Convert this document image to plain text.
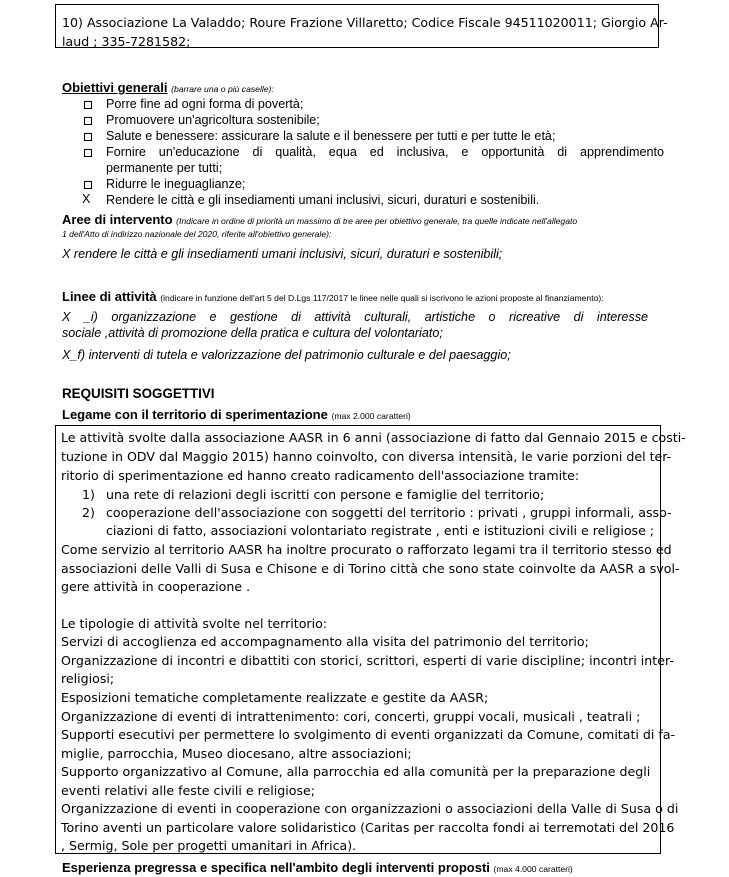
10) Associazione La Valaddo; Roure Frazione Villaretto; Codice Fiscale 94511020011; Giorgio Ar-
laud ; 335-7281582;
Obiettivi generali (barrare una o più caselle):
Porre fine ad ogni forma di povertà;
Promuovere un'agricoltura sostenibile;
Salute e benessere: assicurare la salute e il benessere per tutti e per tutte le età;
Fornire un'educazione di qualità, equa ed inclusiva, e opportunità di apprendimento
permanente per tutti;
Ridurre le ineguaglianze;
X Rendere le città e gli insediamenti umani inclusivi, sicuri, duraturi e sostenibili.
Aree di intervento (Indicare in ordine di priorità un massimo di tre aree per obiettivo generale, tra quelle indicate nell'allegato
1 dell'Atto di indirizzo nazionale del 2020, riferite all'obiettivo generale):
X rendere le città e gli insediamenti umani inclusivi, sicuri, duraturi e sostenibili;
Linee di attività (indicare in funzione dell'art 5 del D.Lgs 117/2017 le linee nelle quali si iscrivono le azioni proposte al finanziamento):
X _i) organizzazione e gestione di attività culturali, artistiche o ricreative di interesse
sociale ,attività di promozione della pratica e cultura del volontariato;
X_f) interventi di tutela e valorizzazione del patrimonio culturale e del paesaggio;
REQUISITI SOGGETTIVI
Legame con il territorio di sperimentazione (max 2.000 caratteri)
Le attività svolte dalla associazione AASR in 6 anni (associazione di fatto dal Gennaio 2015 e costi-
tuzione in ODV dal Maggio 2015) hanno coinvolto, con diversa intensità, le varie porzioni del ter-
ritorio di sperimentazione ed hanno creato radicamento dell'associazione tramite:
1) una rete di relazioni degli iscritti con persone e famiglie del territorio;
2) cooperazione dell'associazione con soggetti del territorio : privati , gruppi informali, asso-
ciazioni di fatto, associazioni volontariato registrate , enti e istituzioni civili e religiose ;
Come servizio al territorio AASR ha inoltre procurato o rafforzato legami tra il territorio stesso ed
associazioni delle Valli di Susa e Chisone e di Torino città che sono state coinvolte da AASR a svol-
gere attività in cooperazione .
Le tipologie di attività svolte nel territorio:
Servizi di accoglienza ed accompagnamento alla visita del patrimonio del territorio;
Organizzazione di incontri e dibattiti con storici, scrittori, esperti di varie discipline; incontri inter-
religiosi;
Esposizioni tematiche completamente realizzate e gestite da AASR;
Organizzazione di eventi di intrattenimento: cori, concerti, gruppi vocali, musicali , teatrali ;
Supporti esecutivi per permettere lo svolgimento di eventi organizzati da Comune, comitati di fa-
miglie, parrocchia, Museo diocesano, altre associazioni;
Supporto organizzativo al Comune, alla parrocchia ed alla comunità per la preparazione degli
eventi relativi alle feste civili e religiose;
Organizzazione di eventi in cooperazione con organizzazioni o associazioni della Valle di Susa o di
Torino aventi un particolare valore solidaristico (Caritas per raccolta fondi ai terremotati del 2016
, Sermig, Sole per progetti umanitari in Africa).
Esperienza pregressa e specifica nell'ambito degli interventi proposti (max 4.000 caratteri)
